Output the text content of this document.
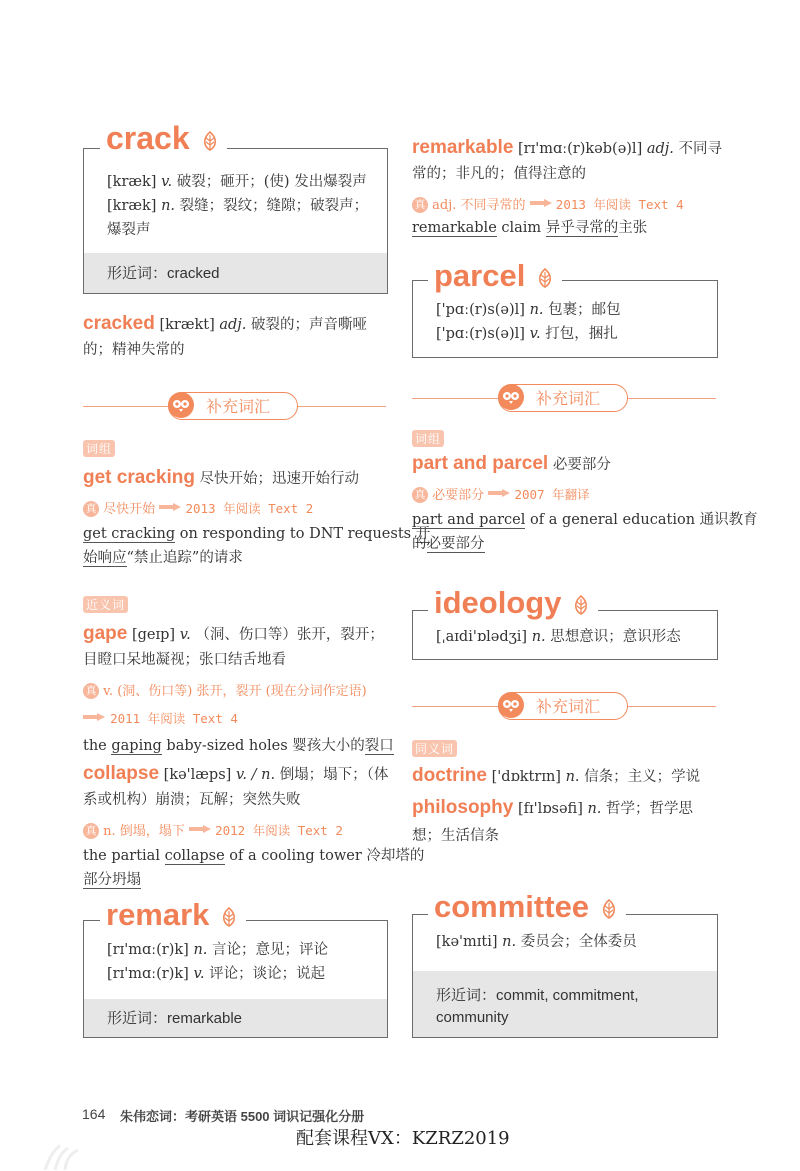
crack
[kræk] v. 破裂；砸开；(使) 发出爆裂声
[kræk] n. 裂缝；裂纹；缝隙；破裂声；
爆裂声
形近词：cracked
cracked [krækt] adj. 破裂的；声音嘶哑
的；精神失常的
补充词汇
词组
get cracking 尽快开始；迅速开始行动
真 尽快开始 2013 年阅读 Text 2
get cracking on responding to DNT requests 开
始响应“禁止追踪”的请求
近义词
gape [geɪp] v. （洞、伤口等）张开，裂开；
目瞪口呆地凝视；张口结舌地看
真 v. (洞、伤口等) 张开，裂开 (现在分词作定语)
2011 年阅读 Text 4
the gaping baby-sized holes 婴孩大小的裂口
collapse [kə'læps] v. / n. 倒塌；塌下；（体
系或机构）崩溃；瓦解；突然失败
真 n. 倒塌，塌下 2012 年阅读 Text 2
the partial collapse of a cooling tower 冷却塔的
部分坍塌
remark
[rɪ'mɑː(r)k] n. 言论；意见；评论
[rɪ'mɑː(r)k] v. 评论；谈论；说起
形近词：remarkable
remarkable [rɪ'mɑː(r)kəb(ə)l] adj. 不同寻
常的；非凡的；值得注意的
真 adj. 不同寻常的 2013 年阅读 Text 4
remarkable claim 异乎寻常的主张
parcel
['pɑː(r)s(ə)l] n. 包裹；邮包
['pɑː(r)s(ə)l] v. 打包，捆扎
补充词汇
词组
part and parcel 必要部分
真 必要部分 2007 年翻译
part and parcel of a general education 通识教育
的必要部分
ideology
[ˌaɪdi'ɒlədʒi] n. 思想意识；意识形态
补充词汇
同义词
doctrine ['dɒktrɪn] n. 信条；主义；学说
philosophy [fɪ'lɒsəfi] n. 哲学；哲学思
想；生活信条
committee
[kə'mɪti] n. 委员会；全体委员
形近词：commit, commitment,
community
164 朱伟恋词：考研英语 5500 词识记强化分册
配套课程VX：KZRZ2019
